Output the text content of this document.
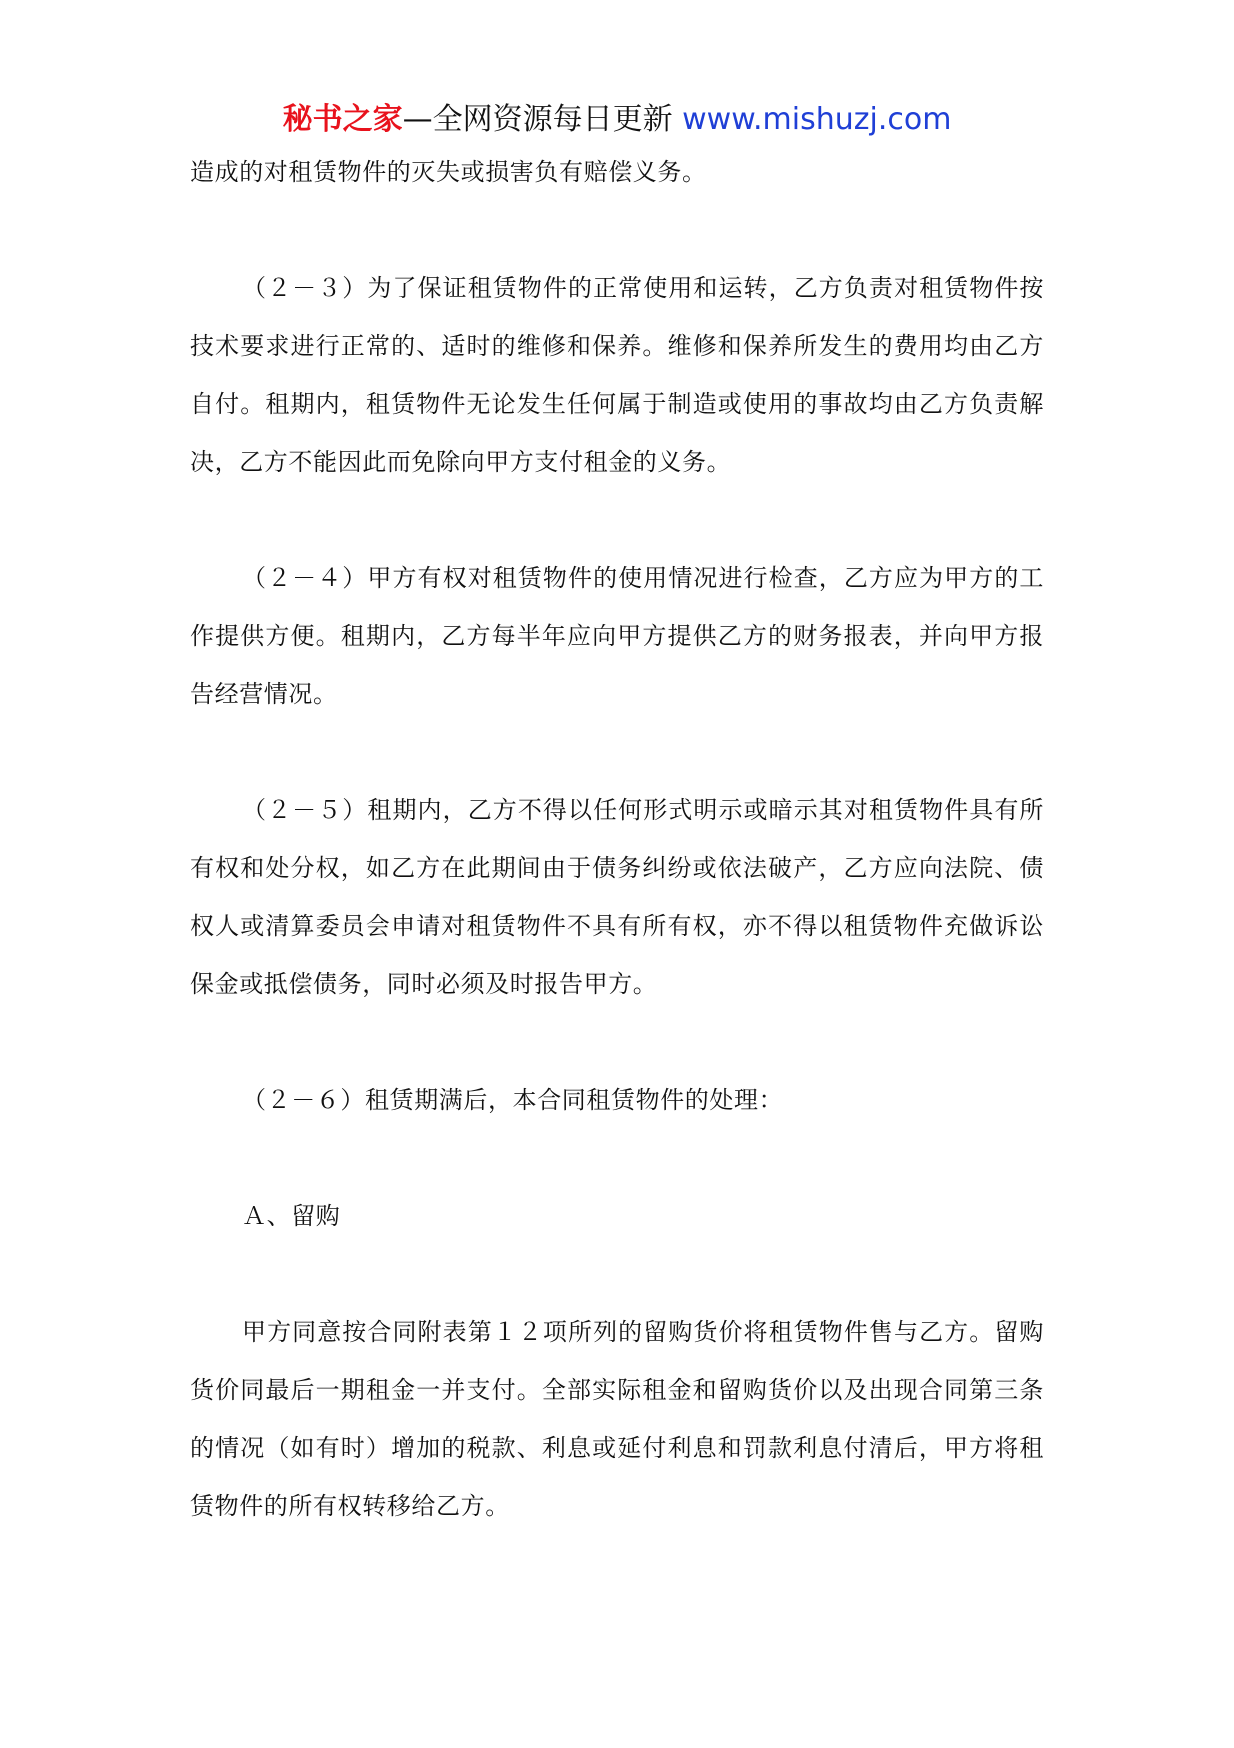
秘书之家—全网资源每日更新 www.mishuzj.com

造成的对租赁物件的灭失或损害负有赔偿义务。

（２－３）为了保证租赁物件的正常使用和运转，乙方负责对租赁物件按技术要求进行正常的、适时的维修和保养。维修和保养所发生的费用均由乙方自付。租期内，租赁物件无论发生任何属于制造或使用的事故均由乙方负责解决，乙方不能因此而免除向甲方支付租金的义务。

（２－４）甲方有权对租赁物件的使用情况进行检查，乙方应为甲方的工作提供方便。租期内，乙方每半年应向甲方提供乙方的财务报表，并向甲方报告经营情况。

（２－５）租期内，乙方不得以任何形式明示或暗示其对租赁物件具有所有权和处分权，如乙方在此期间由于债务纠纷或依法破产，乙方应向法院、债权人或清算委员会申请对租赁物件不具有所有权，亦不得以租赁物件充做诉讼保金或抵偿债务，同时必须及时报告甲方。

（２－６）租赁期满后，本合同租赁物件的处理：

Ａ、留购

甲方同意按合同附表第１２项所列的留购货价将租赁物件售与乙方。留购货价同最后一期租金一并支付。全部实际租金和留购货价以及出现合同第三条的情况（如有时）增加的税款、利息或延付利息和罚款利息付清后，甲方将租赁物件的所有权转移给乙方。
